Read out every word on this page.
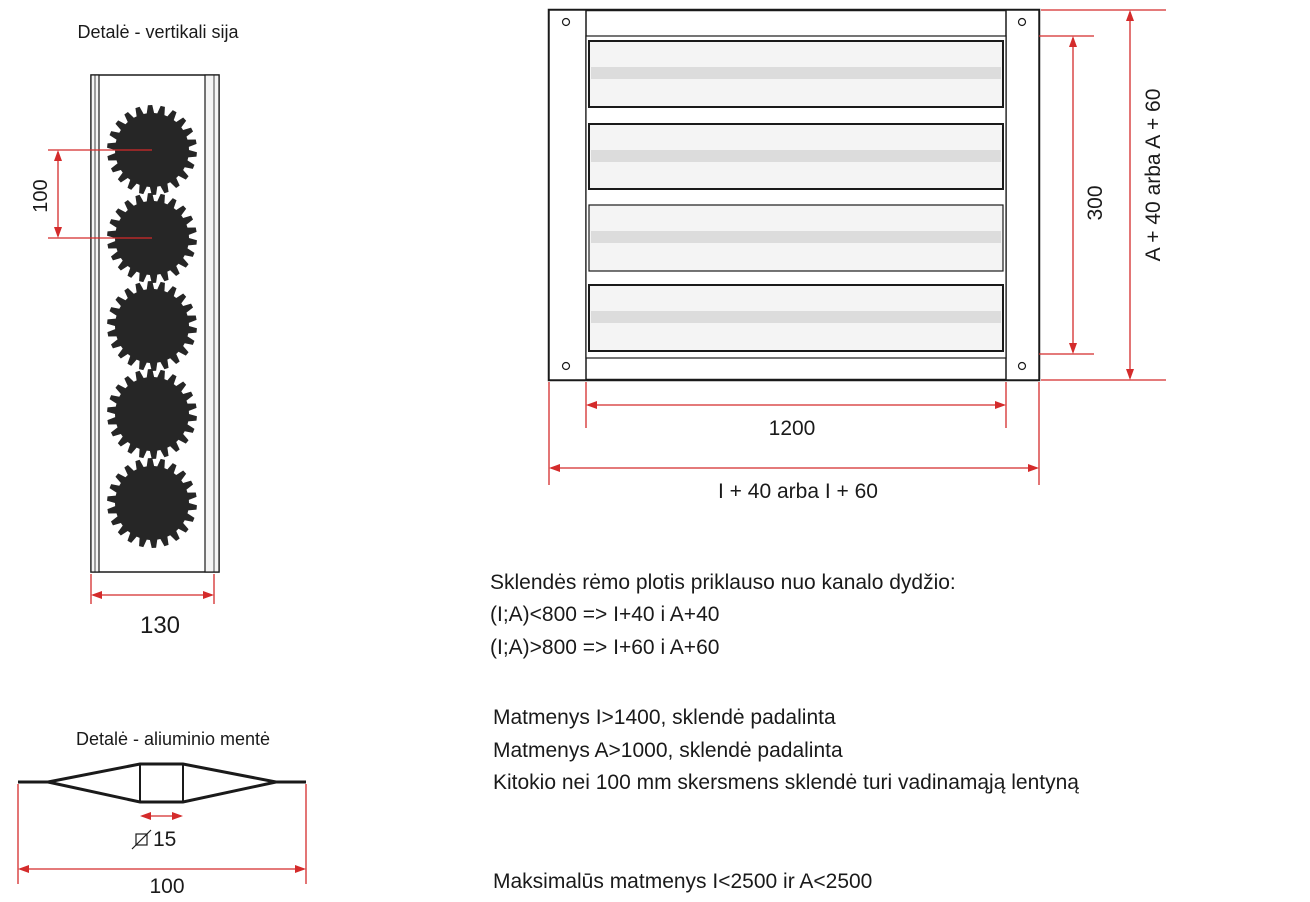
Detalė - vertikali sija
100
130
Detalė - aliuminio mentė
15
100
300 A + 40 arba A + 60
1200
I + 40 arba I + 60

Sklendės rėmo plotis priklauso nuo kanalo dydžio:

(I;A)<800 => I+40 i A+40

(I;A)>800 => I+60 i A+60

Matmenys I>1400, sklendė padalinta

Matmenys A>1000, sklendė padalinta

Kitokio nei 100 mm skersmens sklendė turi vadinamąją lentyną

Maksimalūs matmenys I<2500 ir A<2500
